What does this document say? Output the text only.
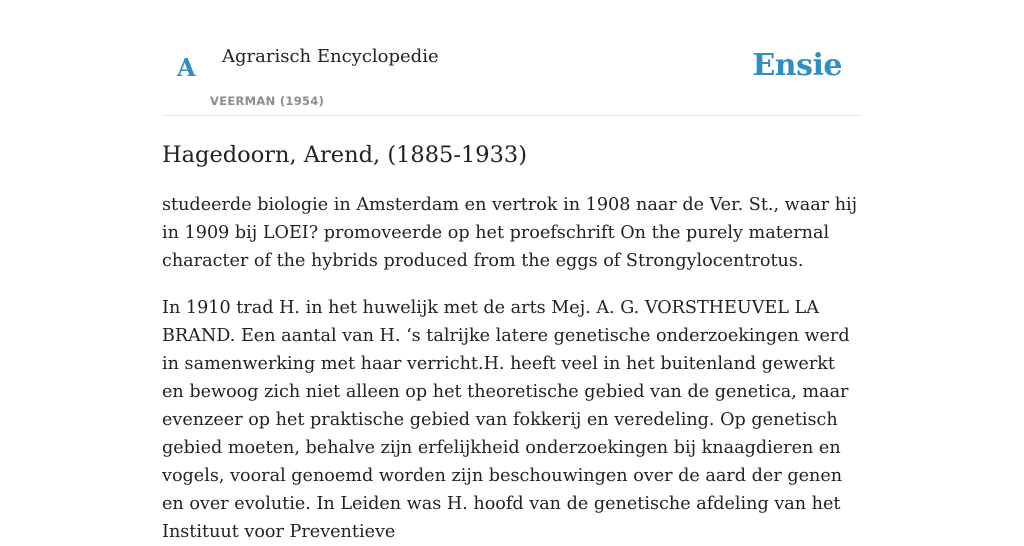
A Agrarisch Encyclopedie
VEERMAN (1954)
Ensie
Hagedoorn, Arend, (1885-1933)

studeerde biologie in Amsterdam en vertrok in 1908 naar de Ver. St., waar hij in 1909 bij LOEI? promoveerde op het proefschrift On the purely maternal character of the hybrids produced from the eggs of Strongylocentrotus.

In 1910 trad H. in het huwelijk met de arts Mej. A. G. VORSTHEUVEL LA BRAND. Een aantal van H. ‘s talrijke latere genetische onderzoekingen werd in samenwerking met haar verricht.H. heeft veel in het buitenland gewerkt en bewoog zich niet alleen op het theoretische gebied van de genetica, maar evenzeer op het praktische gebied van fokkerij en veredeling. Op genetisch gebied moeten, behalve zijn erfelijkheid onderzoekingen bij knaagdieren en vogels, vooral genoemd worden zijn beschouwingen over de aard der genen en over evolutie. In Leiden was H. hoofd van de genetische afdeling van het Instituut voor Preventieve
